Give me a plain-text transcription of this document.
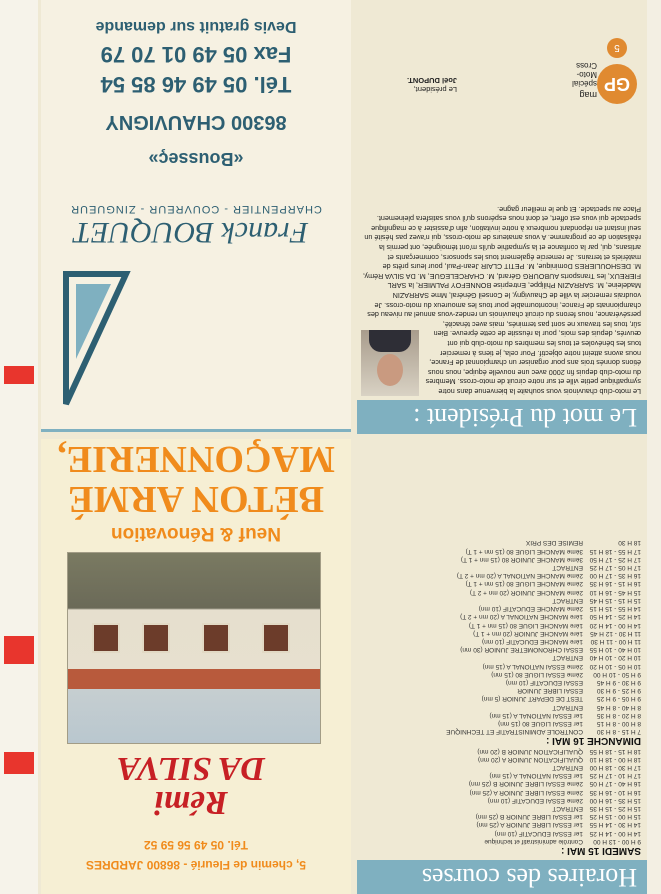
Horaires des courses
SAMEDI 15 MAI :
9 H 00 - 13 H 00
Contrôle administratif et technique
14 H 00 - 14 H 25
1er ESSAI EDUCATIF (10 mn)
14 H 30 - 14 H 55
1er ESSAI LIBRE JUNIOR A (25 mn)
15 H 00 - 15 H 25
1er ESSAI LIBRE JUNIOR B (25 mn)
15 H 25 - 15 H 35
ENTRACT
15 H 35 - 16 H 00
2ème ESSAI EDUCATIF (10 mn)
16 H 10 - 16 H 35
2ème ESSAI LIBRE JUNIOR A (25 mn)
16 H 40 - 17 H 05
2ème ESSAI LIBRE JUNIOR B (25 mn)
17 H 10 - 17 H 25
1er ESSAI NATIONAL A (15 mn)
17 H 30 - 18 H 00
ENTRACT
18 H 00 - 18 H 10
QUALIFICATION JUNIOR A (20 mn)
18 H 15 - 18 H 55
QUALIFICATION JUNIOR B (20 mn)
DIMANCHE 16 MAI :
7 H 15 - 8 H 30
CONTROLE ADMINISTRATIF ET TECHNIQUE
8 H 00 - 8 H 15
1er ESSAI LIGUE 80 (15 mn)
8 H 20 - 8 H 35
1er ESSAI NATIONAL A (15 mn)
8 H 40 - 8 H 45
ENTRACT
9 H 05 - 9 H 25
TEST DE DEPART JUNIOR (5 mn)
9 H 25 - 9 H 30
ESSAI LIBRE JUNIOR
9 H 30 - 9 H 45
ESSAI EDUCATIF (10 mn)
9 H 50 - 10 H 00
2ème ESSAI LIGUE 80 (15 mn)
10 H 05 - 10 H 20
2ème ESSAI NATIONAL A (15 mn)
10 H 20 - 10 H 40
ENTRACT
10 H 40 - 10 H 55
ESSAI CHRONOMETRE JUNIOR (30 mn)
11 H 00 - 11 H 30
1ère MANCHE EDUCATIF (10 mn)
11 H 30 - 12 H 45
1ère MANCHE JUNIOR (20 mn + 1 T)
14 H 00 - 14 H 20
1ère MANCHE LIGUE 80 (15 mn + 1 T)
14 H 25 - 14 H 50
1ère MANCHE NATIONAL A (20 mn + 2 T)
14 H 55 - 15 H 15
2ème MANCHE EDUCATIF (10 mn)
15 H 15 - 15 H 45
ENTRACT
15 H 45 - 16 H 10
2ème MANCHE JUNIOR (20 mn + 2 T)
16 H 15 - 16 H 35
2ème MANCHE LIGUE 80 (15 mn + 1 T)
16 H 35 - 17 H 00
2ème MANCHE NATIONAL A (20 mn + 2 T)
17 H 05 - 17 H 25
ENTRACT
17 H 25 - 17 H 50
3ème MANCHE JUNIOR 80 (15 mn + 1 T)
17 H 55 - 18 H 15
3ème MANCHE LIGUE 80 (15 mn + 1 T)
18 H 30
REMISE DES PRIX
Le mot du Président :
Le moto-club chauvinois vous souhaite la bienvenue dans notre sympathique petite ville et sur notre circuit de moto-cross. Membres du moto-club depuis fin 2000 avec une nouvelle équipe, nous nous étions donnés trois ans pour organiser un championnat de France, nous avons atteint notre objectif. Pour cela, je tiens à remercier tous les bénévoles et tous les membres du moto-club qui ont œuvrés, depuis des mois, pour la réussite de cette épreuve. Bien sûr, tous les travaux ne sont pas terminés, mais avec ténacité, persévérance, nous ferons du circuit chauvinois un rendez-vous annuel au niveau des championnats de France, incontournable pour tous les amoureux du moto-cross. Je voudrais remercier la ville de Chauvigny, le Conseil Général, Mme SARRAZIN Madeleine, M. SARRAZIN Philippe, Entreprise BONNEFOY PALMIER, la SARL FIEREUX, les Transports AUBOURG Gérard, M. CHARCELEGUE, M. DA SILVA Rémy, M. DESHOULIERES Dominique, M. PETIT CLAIR Jean-Paul, pour leurs prêts de matériels et terrains. Je remercie également tous les sponsors, commerçants et artisans, qui, par la confiance et la sympathie qu'ils m'ont témoignée, ont permis la réalisation de ce programme. A vous amateurs de moto-cross, qui n'avez pas hésité un seul instant en répondant nombreux à notre invitation, afin d'assister à ce magnifique spectacle qui vous est offert, et dont nous espérons qu'il vous satisfera pleinement. Place au spectacle. Et que le meilleur gagne.
Le président,
Joël DUPONT.	GP
mag
spécial
Moto-Cross
5
5, chemin de Fleurié - 86800 JARDRES
Tél. 05 49 56 59 52
Rémi
DA SILVA
Neuf & Rénovation
BÉTON ARMÉ
MAÇONNERIE,
Franck BOUQUET
CHARPENTIER - COUVREUR - ZINGUEUR
«Bousseç»
86300 CHAUVIGNY
Tél. 05 49 46 85 54
Fax 05 49 01 70 79
Devis gratuit sur demande
